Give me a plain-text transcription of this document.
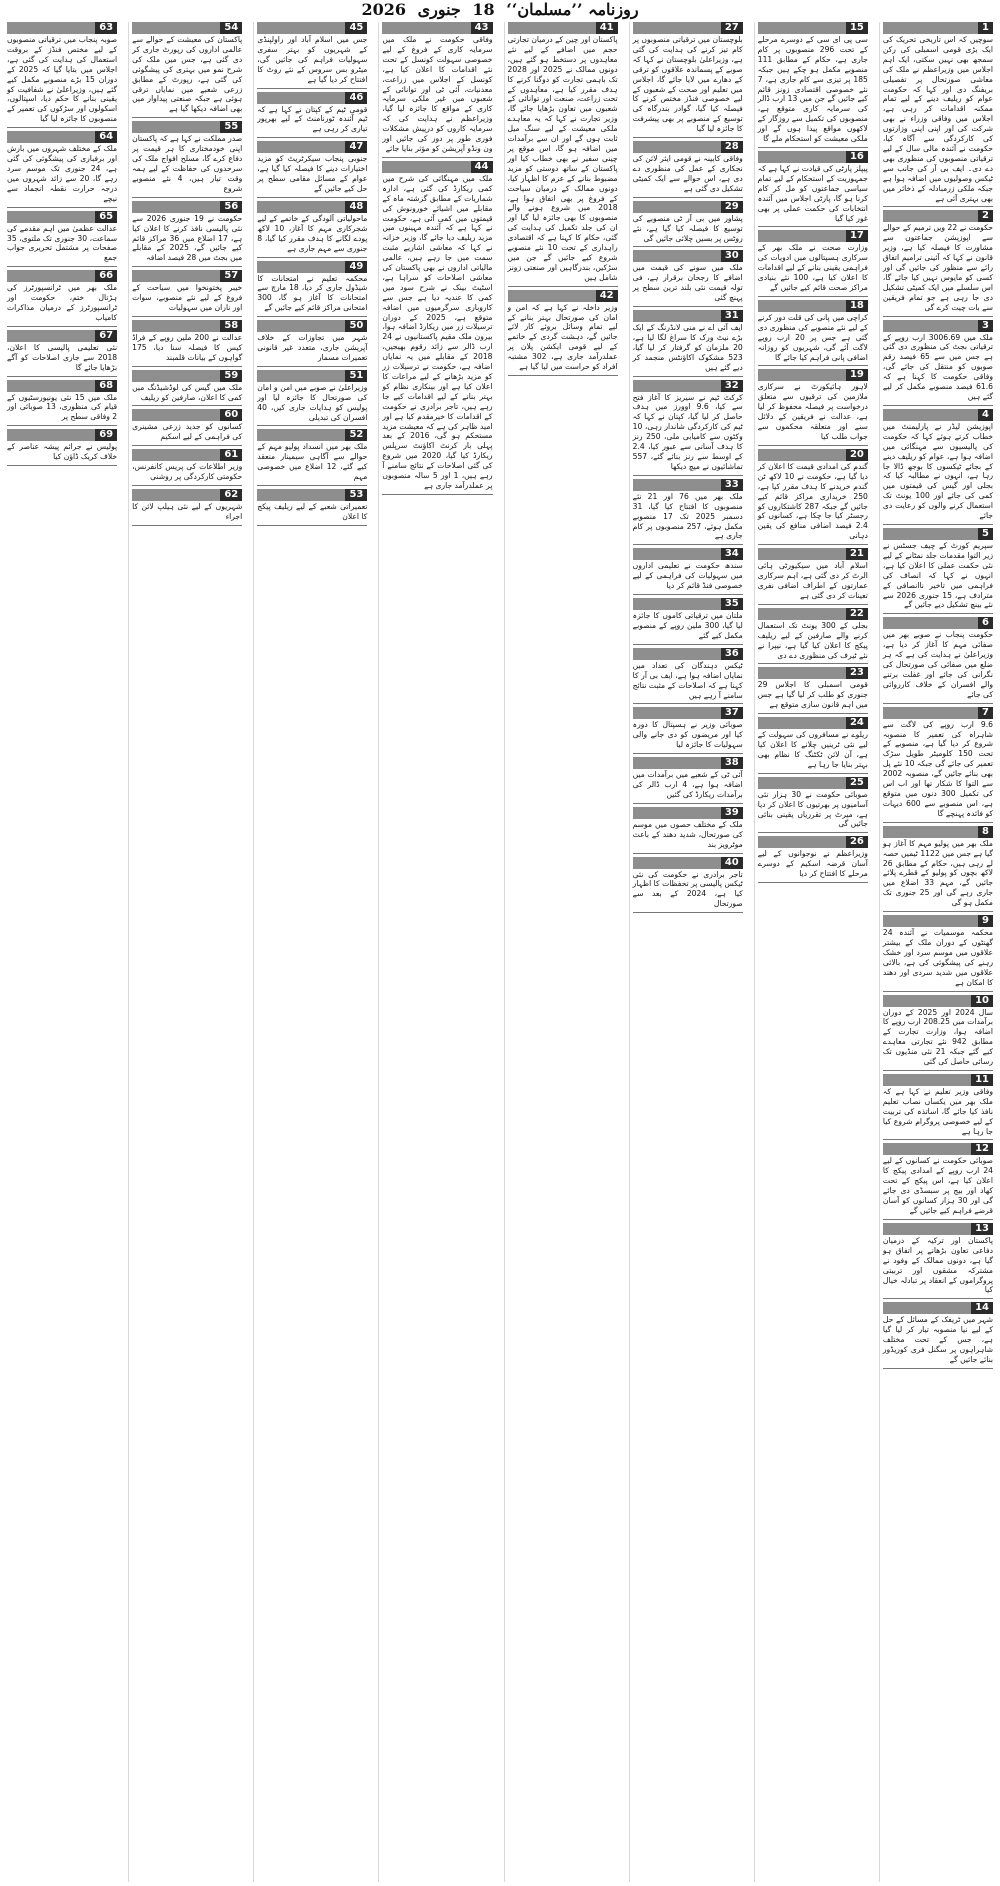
روزنامہ ’’مسلمان‘‘ 18 جنوری 2026
1

سوچیں کہ اس تاریخی تحریک کی ایک بڑی قومی اسمبلی کی رکن سمجھ بھی نہیں سکتی، ایک اہم اجلاس میں وزیراعظم نے ملک کی معاشی صورتحال پر تفصیلی بریفنگ دی اور کہا کہ حکومت عوام کو ریلیف دینے کے لیے تمام ممکنہ اقدامات کر رہی ہے، اجلاس میں وفاقی وزراء نے بھی شرکت کی اور اپنی اپنی وزارتوں کی کارکردگی سے آگاہ کیا، حکومت نے آئندہ مالی سال کے لیے ترقیاتی منصوبوں کی منظوری بھی دے دی۔ ایف بی آر کی جانب سے ٹیکس وصولیوں میں اضافہ ہوا ہے جبکہ ملکی زرمبادلہ کے ذخائر میں بھی بہتری آئی ہے

2

حکومت نے 22 ویں ترمیم کے حوالے سے اپوزیشن جماعتوں سے مشاورت کا فیصلہ کیا ہے، وزیر قانون نے کہا کہ آئینی ترامیم اتفاق رائے سے منظور کی جائیں گی اور کسی کو مایوس نہیں کیا جائے گا، اس سلسلے میں ایک کمیٹی تشکیل دی جا رہی ہے جو تمام فریقین سے بات چیت کرے گی

3

ملک میں 3006.69 ارب روپے کے ترقیاتی بجٹ کی منظوری دی گئی ہے جس میں سے 65 فیصد رقم صوبوں کو منتقل کی جائے گی، وفاقی حکومت کا کہنا ہے کہ 61.6 فیصد منصوبے مکمل کر لیے گئے ہیں

4

اپوزیشن لیڈر نے پارلیمنٹ میں خطاب کرتے ہوئے کہا کہ حکومت کی پالیسیوں سے مہنگائی میں اضافہ ہوا ہے، عوام کو ریلیف دینے کے بجائے ٹیکسوں کا بوجھ ڈالا جا رہا ہے، انہوں نے مطالبہ کیا کہ بجلی اور گیس کی قیمتوں میں کمی کی جائے اور 100 یونٹ تک استعمال کرنے والوں کو رعایت دی جائے

5

سپریم کورٹ کے چیف جسٹس نے زیر التوا مقدمات جلد نمٹانے کے لیے نئی حکمت عملی کا اعلان کیا ہے، انہوں نے کہا کہ انصاف کی فراہمی میں تاخیر ناانصافی کے مترادف ہے، 15 جنوری 2026 سے نئے بینچ تشکیل دیے جائیں گے

6

حکومت پنجاب نے صوبے بھر میں صفائی مہم کا آغاز کر دیا ہے، وزیراعلیٰ نے ہدایت کی ہے کہ ہر ضلع میں صفائی کی صورتحال کی نگرانی کی جائے اور غفلت برتنے والے افسران کے خلاف کارروائی کی جائے

7

9.6 ارب روپے کی لاگت سے شاہراہ کی تعمیر کا منصوبہ شروع کر دیا گیا ہے، منصوبے کے تحت 150 کلومیٹر طویل سڑک تعمیر کی جائے گی جبکہ 10 نئے پل بھی بنائے جائیں گے، منصوبہ 2002 سے التوا کا شکار تھا اور اب اس کی تکمیل 300 دنوں میں متوقع ہے، اس منصوبے سے 600 دیہات کو فائدہ پہنچے گا

8

ملک بھر میں پولیو مہم کا آغاز ہو گیا ہے جس میں 1122 ٹیمیں حصہ لے رہی ہیں، حکام کے مطابق 26 لاکھ بچوں کو پولیو کے قطرے پلائے جائیں گے، مہم 33 اضلاع میں جاری رہے گی اور 25 جنوری تک مکمل ہو گی

9

محکمہ موسمیات نے آئندہ 24 گھنٹوں کے دوران ملک کے بیشتر علاقوں میں موسم سرد اور خشک رہنے کی پیشگوئی کی ہے، بالائی علاقوں میں شدید سردی اور دھند کا امکان ہے

10

سال 2024 اور 2025 کے دوران برآمدات میں 208.25 ارب روپے کا اضافہ ہوا، وزارت تجارت کے مطابق 942 نئے تجارتی معاہدے کیے گئے جبکہ 21 نئی منڈیوں تک رسائی حاصل کی گئی

11

وفاقی وزیر تعلیم نے کہا ہے کہ ملک بھر میں یکساں نصاب تعلیم نافذ کیا جائے گا، اساتذہ کی تربیت کے لیے خصوصی پروگرام شروع کیا جا رہا ہے

12

صوبائی حکومت نے کسانوں کے لیے 24 ارب روپے کے امدادی پیکج کا اعلان کیا ہے، اس پیکج کے تحت کھاد اور بیج پر سبسڈی دی جائے گی اور 30 ہزار کسانوں کو آسان قرضے فراہم کیے جائیں گے

13

پاکستان اور ترکیہ کے درمیان دفاعی تعاون بڑھانے پر اتفاق ہو گیا ہے، دونوں ممالک کے وفود نے مشترکہ مشقوں اور تربیتی پروگراموں کے انعقاد پر تبادلہ خیال کیا

14

شہر میں ٹریفک کے مسائل کے حل کے لیے نیا منصوبہ تیار کر لیا گیا ہے، جس کے تحت مختلف شاہراہوں پر سگنل فری کوریڈور بنائے جائیں گے

15

سی پی ای سی کے دوسرے مرحلے کے تحت 296 منصوبوں پر کام جاری ہے، حکام کے مطابق 111 منصوبے مکمل ہو چکے ہیں جبکہ 185 پر تیزی سے کام جاری ہے، 7 نئے خصوصی اقتصادی زونز قائم کیے جائیں گے جن میں 13 ارب ڈالر کی سرمایہ کاری متوقع ہے، منصوبوں کی تکمیل سے روزگار کے لاکھوں مواقع پیدا ہوں گے اور ملکی معیشت کو استحکام ملے گا

16

پیپلز پارٹی کی قیادت نے کہا ہے کہ جمہوریت کے استحکام کے لیے تمام سیاسی جماعتوں کو مل کر کام کرنا ہو گا، پارٹی اجلاس میں آئندہ انتخابات کی حکمت عملی پر بھی غور کیا گیا

17

وزارت صحت نے ملک بھر کے سرکاری ہسپتالوں میں ادویات کی فراہمی یقینی بنانے کے لیے اقدامات کا اعلان کیا ہے، 100 نئے بنیادی مراکز صحت قائم کیے جائیں گے

18

کراچی میں پانی کی قلت دور کرنے کے لیے نئے منصوبے کی منظوری دی گئی ہے جس پر 20 ارب روپے لاگت آئے گی، شہریوں کو روزانہ اضافی پانی فراہم کیا جائے گا

19

لاہور ہائیکورٹ نے سرکاری ملازمین کی ترقیوں سے متعلق درخواست پر فیصلہ محفوظ کر لیا ہے، عدالت نے فریقین کے دلائل سنے اور متعلقہ محکموں سے جواب طلب کیا

20

گندم کی امدادی قیمت کا اعلان کر دیا گیا ہے، حکومت نے 10 لاکھ ٹن گندم خریدنے کا ہدف مقرر کیا ہے، 250 خریداری مراکز قائم کیے جائیں گے جبکہ 287 کاشتکاروں کو رجسٹر کیا جا چکا ہے، کسانوں کو 2.4 فیصد اضافی منافع کی یقین دہانی

21

اسلام آباد میں سیکیورٹی ہائی الرٹ کر دی گئی ہے، اہم سرکاری عمارتوں کے اطراف اضافی نفری تعینات کر دی گئی ہے

22

بجلی کے 300 یونٹ تک استعمال کرنے والے صارفین کے لیے ریلیف پیکج کا اعلان کیا گیا ہے، نیپرا نے نئے ٹیرف کی منظوری دے دی

23

قومی اسمبلی کا اجلاس 29 جنوری کو طلب کر لیا گیا ہے جس میں اہم قانون سازی متوقع ہے

24

ریلوے نے مسافروں کی سہولت کے لیے نئی ٹرینیں چلانے کا اعلان کیا ہے، آن لائن ٹکٹنگ کا نظام بھی بہتر بنایا جا رہا ہے

25

صوبائی حکومت نے 30 ہزار نئی آسامیوں پر بھرتیوں کا اعلان کر دیا ہے، میرٹ پر تقرریاں یقینی بنائی جائیں گی

26

وزیراعظم نے نوجوانوں کے لیے آسان قرضہ اسکیم کے دوسرے مرحلے کا افتتاح کر دیا

27

بلوچستان میں ترقیاتی منصوبوں پر کام تیز کرنے کی ہدایت کی گئی ہے، وزیراعلیٰ بلوچستان نے کہا کہ صوبے کے پسماندہ علاقوں کو ترقی کے دھارے میں لایا جائے گا، اجلاس میں تعلیم اور صحت کے شعبوں کے لیے خصوصی فنڈز مختص کرنے کا فیصلہ کیا گیا، گوادر بندرگاہ کی توسیع کے منصوبے پر بھی پیشرفت کا جائزہ لیا گیا

28

وفاقی کابینہ نے قومی ایئر لائن کی نجکاری کے عمل کی منظوری دے دی ہے، اس حوالے سے ایک کمیٹی تشکیل دی گئی ہے

29

پشاور میں بی آر ٹی منصوبے کی توسیع کا فیصلہ کیا گیا ہے، نئے روٹس پر بسیں چلائی جائیں گی

30

ملک میں سونے کی قیمت میں اضافے کا رجحان برقرار ہے، فی تولہ قیمت نئی بلند ترین سطح پر پہنچ گئی

31

ایف آئی اے نے منی لانڈرنگ کے ایک بڑے نیٹ ورک کا سراغ لگا لیا ہے، 20 ملزمان کو گرفتار کر لیا گیا، 523 مشکوک اکاؤنٹس منجمد کر دیے گئے ہیں

32

کرکٹ ٹیم نے سیریز کا آغاز فتح سے کیا، 9.6 اوورز میں ہدف حاصل کر لیا گیا، کپتان نے کہا کہ ٹیم کی کارکردگی شاندار رہی، 10 وکٹوں سے کامیابی ملی، 250 رنز کا ہدف آسانی سے عبور کیا، 2.4 کے اوسط سے رنز بنائے گئے، 557 تماشائیوں نے میچ دیکھا

33

ملک بھر میں 76 اور 21 نئے منصوبوں کا افتتاح کیا گیا، 31 دسمبر 2025 تک 17 منصوبے مکمل ہوئے، 257 منصوبوں پر کام جاری ہے

34

سندھ حکومت نے تعلیمی اداروں میں سہولیات کی فراہمی کے لیے خصوصی فنڈ قائم کر دیا

35

ملتان میں ترقیاتی کاموں کا جائزہ لیا گیا، 300 ملین روپے کے منصوبے مکمل کیے گئے

36

ٹیکس دہندگان کی تعداد میں نمایاں اضافہ ہوا ہے، ایف بی آر کا کہنا ہے کہ اصلاحات کے مثبت نتائج سامنے آ رہے ہیں

37

صوبائی وزیر نے ہسپتال کا دورہ کیا اور مریضوں کو دی جانے والی سہولیات کا جائزہ لیا

38

آئی ٹی کے شعبے میں برآمدات میں اضافہ ہوا ہے، 4 ارب ڈالر کی برآمدات ریکارڈ کی گئیں

39

ملک کے مختلف حصوں میں موسم کی صورتحال، شدید دھند کے باعث موٹرویز بند

40

تاجر برادری نے حکومت کی نئی ٹیکس پالیسی پر تحفظات کا اظہار کیا ہے، 2024 کے بعد سے صورتحال

41

پاکستان اور چین کے درمیان تجارتی حجم میں اضافے کے لیے نئے معاہدوں پر دستخط ہو گئے ہیں، دونوں ممالک نے 2025 اور 2028 تک باہمی تجارت کو دوگنا کرنے کا ہدف مقرر کیا ہے، معاہدوں کے تحت زراعت، صنعت اور توانائی کے شعبوں میں تعاون بڑھایا جائے گا، وزیر تجارت نے کہا کہ یہ معاہدے ملکی معیشت کے لیے سنگ میل ثابت ہوں گے اور ان سے برآمدات میں اضافہ ہو گا، اس موقع پر چینی سفیر نے بھی خطاب کیا اور پاکستان کے ساتھ دوستی کو مزید مضبوط بنانے کے عزم کا اظہار کیا، دونوں ممالک کے درمیان سیاحت کے فروغ پر بھی اتفاق ہوا ہے، 2018 میں شروع ہونے والے منصوبوں کا بھی جائزہ لیا گیا اور ان کی جلد تکمیل کی ہدایت کی گئی، حکام کا کہنا ہے کہ اقتصادی راہداری کے تحت 10 نئے منصوبے شروع کیے جائیں گے جن میں سڑکیں، بندرگاہیں اور صنعتی زونز شامل ہیں

42

وزیر داخلہ نے کہا ہے کہ امن و امان کی صورتحال بہتر بنانے کے لیے تمام وسائل بروئے کار لائے جائیں گے، دہشت گردی کے خاتمے کے لیے قومی ایکشن پلان پر عملدرآمد جاری ہے، 302 مشتبہ افراد کو حراست میں لیا گیا ہے

43

وفاقی حکومت نے ملک میں سرمایہ کاری کے فروغ کے لیے خصوصی سہولت کونسل کے تحت نئے اقدامات کا اعلان کیا ہے، کونسل کے اجلاس میں زراعت، معدنیات، آئی ٹی اور توانائی کے شعبوں میں غیر ملکی سرمایہ کاری کے مواقع کا جائزہ لیا گیا، وزیراعظم نے ہدایت کی کہ سرمایہ کاروں کو درپیش مشکلات فوری طور پر دور کی جائیں اور ون ونڈو آپریشن کو مؤثر بنایا جائے

44

ملک میں مہنگائی کی شرح میں کمی ریکارڈ کی گئی ہے، ادارہ شماریات کے مطابق گزشتہ ماہ کے مقابلے میں اشیائے خورونوش کی قیمتوں میں کمی آئی ہے، حکومت نے کہا ہے کہ آئندہ مہینوں میں مزید ریلیف دیا جائے گا، وزیر خزانہ نے کہا کہ معاشی اشاریے مثبت سمت میں جا رہے ہیں، عالمی مالیاتی اداروں نے بھی پاکستان کی معاشی اصلاحات کو سراہا ہے، اسٹیٹ بینک نے شرح سود میں کمی کا عندیہ دیا ہے جس سے کاروباری سرگرمیوں میں اضافہ متوقع ہے، 2025 کے دوران ترسیلات زر میں ریکارڈ اضافہ ہوا، بیرون ملک مقیم پاکستانیوں نے 24 ارب ڈالر سے زائد رقوم بھیجیں، 2018 کے مقابلے میں یہ نمایاں اضافہ ہے، حکومت نے ترسیلات زر کو مزید بڑھانے کے لیے مراعات کا اعلان کیا ہے اور بینکاری نظام کو بہتر بنانے کے لیے اقدامات کیے جا رہے ہیں، تاجر برادری نے حکومت کے اقدامات کا خیرمقدم کیا ہے اور امید ظاہر کی ہے کہ معیشت مزید مستحکم ہو گی، 2016 کے بعد پہلی بار کرنٹ اکاؤنٹ سرپلس ریکارڈ کیا گیا، 2020 میں شروع کی گئی اصلاحات کے نتائج سامنے آ رہے ہیں، 1 اور 5 سالہ منصوبوں پر عملدرآمد جاری ہے

45

جس میں اسلام آباد اور راولپنڈی کے شہریوں کو بہتر سفری سہولیات فراہم کی جائیں گی، میٹرو بس سروس کے نئے روٹ کا افتتاح کر دیا گیا ہے

46

قومی ٹیم کے کپتان نے کہا ہے کہ ٹیم آئندہ ٹورنامنٹ کے لیے بھرپور تیاری کر رہی ہے

47

جنوبی پنجاب سیکرٹریٹ کو مزید اختیارات دینے کا فیصلہ کیا گیا ہے، عوام کے مسائل مقامی سطح پر حل کیے جائیں گے

48

ماحولیاتی آلودگی کے خاتمے کے لیے شجرکاری مہم کا آغاز، 10 لاکھ پودے لگانے کا ہدف مقرر کیا گیا، 8 جنوری سے مہم جاری ہے

49

محکمہ تعلیم نے امتحانات کا شیڈول جاری کر دیا، 18 مارچ سے امتحانات کا آغاز ہو گا، 300 امتحانی مراکز قائم کیے جائیں گے

50

شہر میں تجاوزات کے خلاف آپریشن جاری، متعدد غیر قانونی تعمیرات مسمار

51

وزیراعلیٰ نے صوبے میں امن و امان کی صورتحال کا جائزہ لیا اور پولیس کو ہدایات جاری کیں، 40 افسران کی تبدیلی

52

ملک بھر میں انسداد پولیو مہم کے حوالے سے آگاہی سیمینار منعقد کیے گئے، 12 اضلاع میں خصوصی مہم

53

تعمیراتی شعبے کے لیے ریلیف پیکج کا اعلان

54

پاکستان کی معیشت کے حوالے سے عالمی اداروں کی رپورٹ جاری کر دی گئی ہے، جس میں ملک کی شرح نمو میں بہتری کی پیشگوئی کی گئی ہے، رپورٹ کے مطابق زرعی شعبے میں نمایاں ترقی ہوئی ہے جبکہ صنعتی پیداوار میں بھی اضافہ دیکھا گیا ہے

55

صدر مملکت نے کہا ہے کہ پاکستان اپنی خودمختاری کا ہر قیمت پر دفاع کرے گا، مسلح افواج ملک کی سرحدوں کی حفاظت کے لیے ہمہ وقت تیار ہیں، 4 نئے منصوبے شروع

56

حکومت نے 19 جنوری 2026 سے نئی پالیسی نافذ کرنے کا اعلان کیا ہے، 17 اضلاع میں 36 مراکز قائم کیے جائیں گے، 2025 کے مقابلے میں بجٹ میں 28 فیصد اضافہ

57

خیبر پختونخوا میں سیاحت کے فروغ کے لیے نئے منصوبے، سوات اور ناران میں سہولیات

58

عدالت نے 200 ملین روپے کے فراڈ کیس کا فیصلہ سنا دیا، 175 گواہوں کے بیانات قلمبند

59

ملک میں گیس کی لوڈشیڈنگ میں کمی کا اعلان، صارفین کو ریلیف

60

کسانوں کو جدید زرعی مشینری کی فراہمی کے لیے اسکیم

61

وزیر اطلاعات کی پریس کانفرنس، حکومتی کارکردگی پر روشنی

62

شہریوں کے لیے نئی ہیلپ لائن کا اجراء

63

صوبہ پنجاب میں ترقیاتی منصوبوں کے لیے مختص فنڈز کے بروقت استعمال کی ہدایت کی گئی ہے، اجلاس میں بتایا گیا کہ 2025 کے دوران 15 بڑے منصوبے مکمل کیے گئے ہیں، وزیراعلیٰ نے شفافیت کو یقینی بنانے کا حکم دیا، اسپتالوں، اسکولوں اور سڑکوں کی تعمیر کے منصوبوں کا جائزہ لیا گیا

64

ملک کے مختلف شہروں میں بارش اور برفباری کی پیشگوئی کی گئی ہے، 24 جنوری تک موسم سرد رہے گا، 20 سے زائد شہروں میں درجہ حرارت نقطہ انجماد سے نیچے

65

عدالت عظمیٰ میں اہم مقدمے کی سماعت، 30 جنوری تک ملتوی، 35 صفحات پر مشتمل تحریری جواب جمع

66

ملک بھر میں ٹرانسپورٹرز کی ہڑتال ختم، حکومت اور ٹرانسپورٹرز کے درمیان مذاکرات کامیاب

67

نئی تعلیمی پالیسی کا اعلان، 2018 سے جاری اصلاحات کو آگے بڑھایا جائے گا

68

ملک میں 15 نئی یونیورسٹیوں کے قیام کی منظوری، 13 صوبائی اور 2 وفاقی سطح پر

69

پولیس نے جرائم پیشہ عناصر کے خلاف کریک ڈاؤن کیا
